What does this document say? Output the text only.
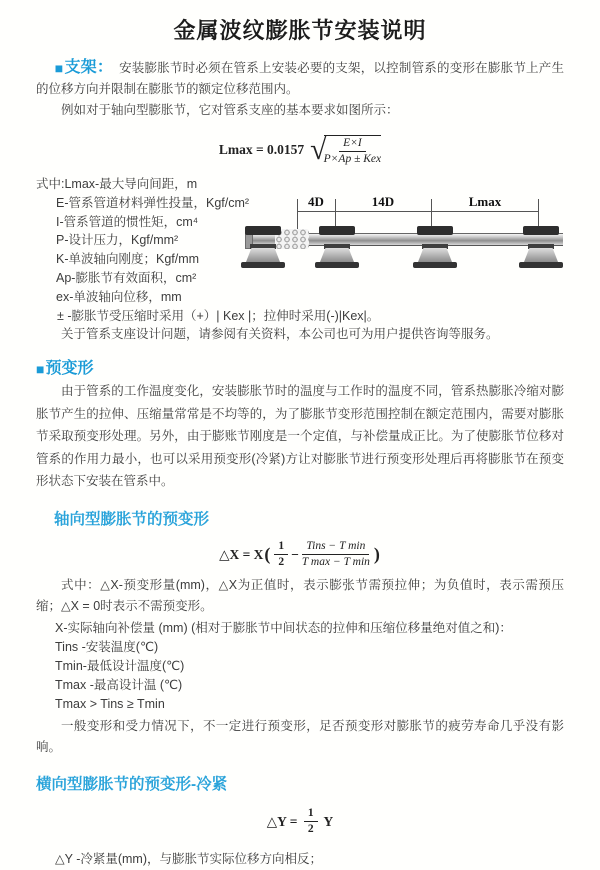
金属波纹膨胀节安装说明

■支架： 安装膨胀节时必须在管系上安装必要的支架，以控制管系的变形在膨胀节上产生的位移方向并限制在膨胀节的额定位移范围内。

例如对于轴向型膨胀节，它对管系支座的基本要求如图所示：

Lmax = 0.0157 √
$\frac{E\times I}{\text{P×Ap ± Kex}}$

式中:Lmax-最大导向间距，m

E-管系管道材料弹性投量，Kgf/cm²

I-管系管道的惯性矩，cm⁴

P-设计压力，Kgf/mm²

K-单波轴向刚度；Kgf/mm

Ap-膨胀节有效面积，cm²

ex-单波轴向位移，mm

± -膨胀节受压缩时采用（+）| Kex |；拉伸时采用(-)|Kex|。

关于管系支座设计问题，请参阅有关资料，本公司也可为用户提供咨询等服务。

■预变形

由于管系的工作温度变化，安装膨胀节时的温度与工作时的温度不同，管系热膨胀冷缩对膨胀节产生的拉伸、压缩量常常是不均等的，为了膨胀节变形范围控制在额定范围内，需要对膨胀节采取预变形处理。另外，由于膨账节刚度是一个定值，与补偿量成正比。为了使膨胀节位移对管系的作用力最小，也可以采用预变形(冷紧)方让对膨胀节进行预变形处理后再将膨胀节在预变形状态下安装在管系中。

轴向型膨胀节的预变形
△X = X ( $\frac{1}{2} - \frac{\text{Tins − T min}}{\text{T max − T min}}$ )

式中：△X-预变形量(mm)，△X为正值时，表示膨张节需预拉伸；为负值时，表示需预压缩；△X = 0时表示不需预变形。

X-实际轴向补偿量 (mm) (相对于膨胀节中间状态的拉伸和压缩位移量绝对值之和)：

Tins -安装温度(℃)

Tmin-最低设计温度(℃)

Tmax -最高设计温 (℃)

Tmax > Tins ≥ Tmin

一般变形和受力情况下，不一定进行预变形，足否预变形对膨胀节的疲劳寿命几乎没有影响。

横向型膨胀节的预变形-冷紧
△Y = $\frac{1}{2}$ Y

△Y -冷紧量(mm)，与膨胀节实际位移方向相反；

4D	14D	Lmax
